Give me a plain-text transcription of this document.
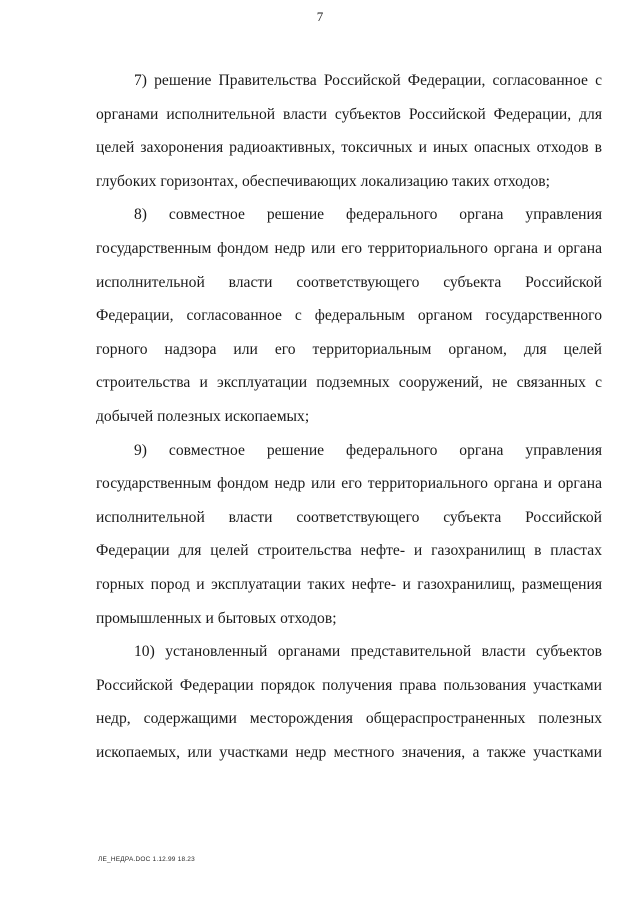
7

7) решение Правительства Российской Федерации, согласованное с
органами исполнительной власти субъектов Российской Федерации, для
целей захоронения радиоактивных, токсичных и иных опасных отходов в
глубоких горизонтах, обеспечивающих локализацию таких отходов;

8) совместное решение федерального органа управления
государственным фондом недр или его территориального органа и органа
исполнительной власти соответствующего субъекта Российской
Федерации, согласованное с федеральным органом государственного
горного надзора или его территориальным органом, для целей
строительства и эксплуатации подземных сооружений, не связанных с
добычей полезных ископаемых;

9) совместное решение федерального органа управления
государственным фондом недр или его территориального органа и органа
исполнительной власти соответствующего субъекта Российской
Федерации для целей строительства нефте- и газохранилищ в пластах
горных пород и эксплуатации таких нефте- и газохранилищ, размещения
промышленных и бытовых отходов;

10) установленный органами представительной власти субъектов
Российской Федерации порядок получения права пользования участками
недр, содержащими месторождения общераспространенных полезных
ископаемых, или участками недр местного значения, а также участками

ЛЕ_НЕДРА.DOC 1.12.99 18.23
